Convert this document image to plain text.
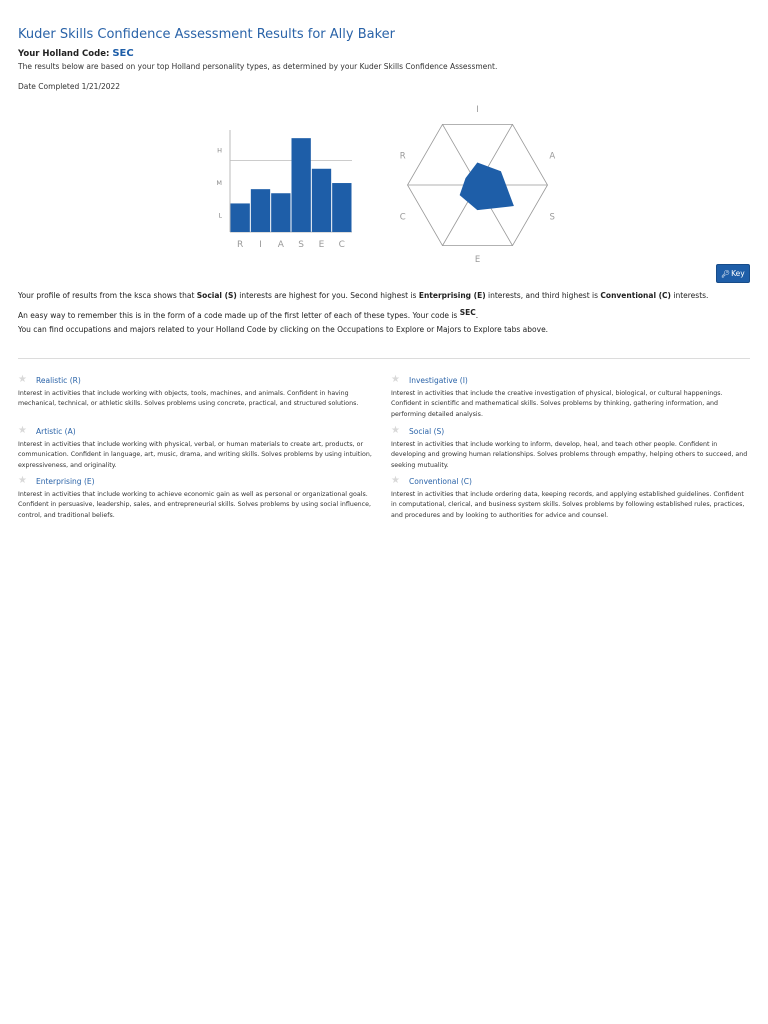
Kuder Skills Confidence Assessment Results for Ally Baker
Your Holland Code: SEC
The results below are based on your top Holland personality types, as determined by your Kuder Skills Confidence Assessment.
Date Completed 1/21/2022
L
M
H
R I A S E C
I
A
S
E
C
R
🔑︎ Key

Your profile of results from the ksca shows that Social (S) interests are highest for you. Second highest is Enterprising (E) interests, and third highest is Conventional (C) interests.

An easy way to remember this is in the form of a code made up of the first letter of each of these types. Your code is $^{SEC}$.

You can find occupations and majors related to your Holland Code by clicking on the Occupations to Explore or Majors to Explore tabs above.

★	Realistic (R)
Interest in activities that include working with objects, tools, machines, and animals. Confident in having mechanical, technical, or athletic skills. Solves problems using concrete, practical, and structured solutions.
★	Investigative (I)
Interest in activities that include the creative investigation of physical, biological, or cultural happenings. Confident in scientific and mathematical skills. Solves problems by thinking, gathering information, and performing detailed analysis.
★	Artistic (A)
Interest in activities that include working with physical, verbal, or human materials to create art, products, or communication. Confident in language, art, music, drama, and writing skills. Solves problems by using intuition, expressiveness, and originality.
★	Social (S)
Interest in activities that include working to inform, develop, heal, and teach other people. Confident in developing and growing human relationships. Solves problems through empathy, helping others to succeed, and seeking mutuality.
★	Enterprising (E)
Interest in activities that include working to achieve economic gain as well as personal or organizational goals. Confident in persuasive, leadership, sales, and entrepreneurial skills. Solves problems by using social influence, control, and traditional beliefs.
★	Conventional (C)
Interest in activities that include ordering data, keeping records, and applying established guidelines. Confident in computational, clerical, and business system skills. Solves problems by following established rules, practices, and procedures and by looking to authorities for advice and counsel.
